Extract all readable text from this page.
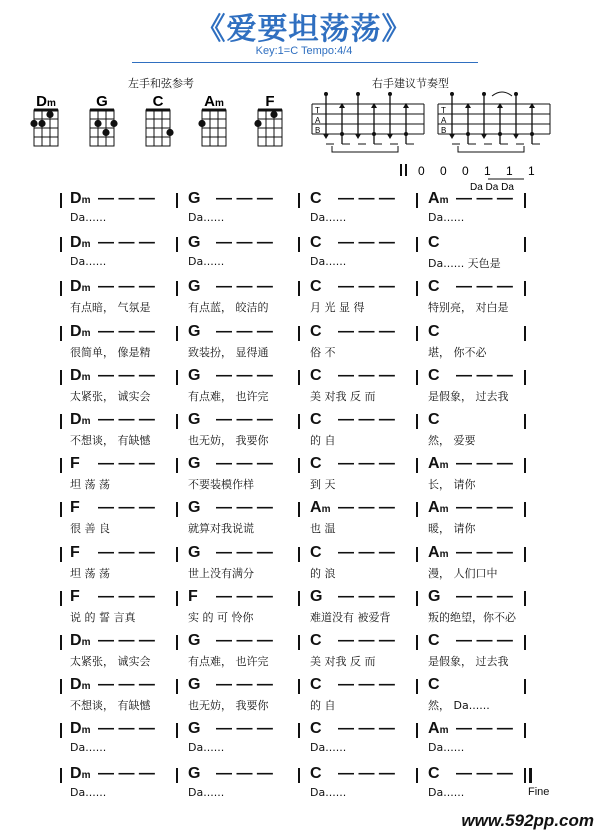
《爱要坦荡荡》
Key:1=C Tempo:4/4
左手和弦参考	右手建议节奏型
Dm	G	C	Am	F
T
A
B
T
A
B
0 0 0 1 1 1
Da Da Da
Dm — — —
Da......
G — — —
Da......
C — — —
Da......
Am — — —
Da......
Dm — — —
Da......
G — — —
Da......
C — — —
Da......
C
Da...... 天色是
Dm — — —
有点暗， 气氛是
G — — —
有点蓝， 皎洁的
C — — —
月 光 显 得
C — — —
特别亮， 对白是
Dm — — —
很简单， 像是精
G — — —
致装扮， 显得通
C — — —
俗 不
C
堪， 你不必
Dm — — —
太紧张， 诚实会
G — — —
有点难， 也许完
C — — —
美 对我 反 而
C — — —
是假象， 过去我
Dm — — —
不想谈， 有缺憾
G — — —
也无妨， 我要你
C — — —
的 自
C
然， 爱要
F — — —
坦 荡 荡
G — — —
不要装模作样
C — — —
到 天
Am — — —
长， 请你
F — — —
很 善 良
G — — —
就算对我说谎
Am — — —
也 温
Am — — —
暖， 请你
F — — —
坦 荡 荡
G — — —
世上没有满分
C — — —
的 浪
Am — — —
漫， 人们口中
F — — —
说 的 誓 言真
F — — —
实 的 可 怜你
G — — —
难道没有 被爱背
G — — —
叛的绝望，你不必
Dm — — —
太紧张， 诚实会
G — — —
有点难， 也许完
C — — —
美 对我 反 而
C — — —
是假象， 过去我
Dm — — —
不想谈， 有缺憾
G — — —
也无妨， 我要你
C — — —
的 自
C
然， Da......
Dm — — —
Da......
G — — —
Da......
C — — —
Da......
Am — — —
Da......
Dm — — —
Da......
G — — —
Da......
C — — —
Da......
C — — —
Da......	Fine
www.592pp.com
